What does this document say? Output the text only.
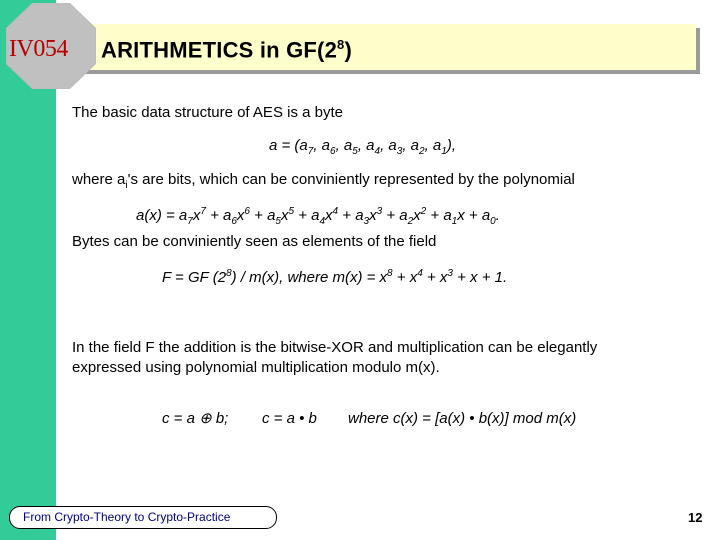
IV054 ARITHMETICS in $GF(2^8)$
The basic data structure of AES is a byte
$a = (a_7$, $a_6$, $a_5$, $a_4$, $a_3$, $a_2$, $a_1$),
where $a_i's$ are bits, which can be conviniently represented by the polynomial
$a(x) = a_7x^7 + a_6x^6 + a_5x^5 + a_4x^4 + a_3x^3 + a_2x^2 + a_1x + a_0$.
Bytes can be conviniently seen as elements of the field
F = GF $(2^8) / m(x)$, where $m(x) = x^8 + x^4 + x^3 + x + 1$.
In the field F the addition is the bitwise-XOR and multiplication can be elegantly
expressed using polynomial multiplication modulo m(x).
c = a ⊕ b; c = a • b where c(x) = [a(x) • b(x)] mod m(x)
From Crypto-Theory to Crypto-Practice	12
